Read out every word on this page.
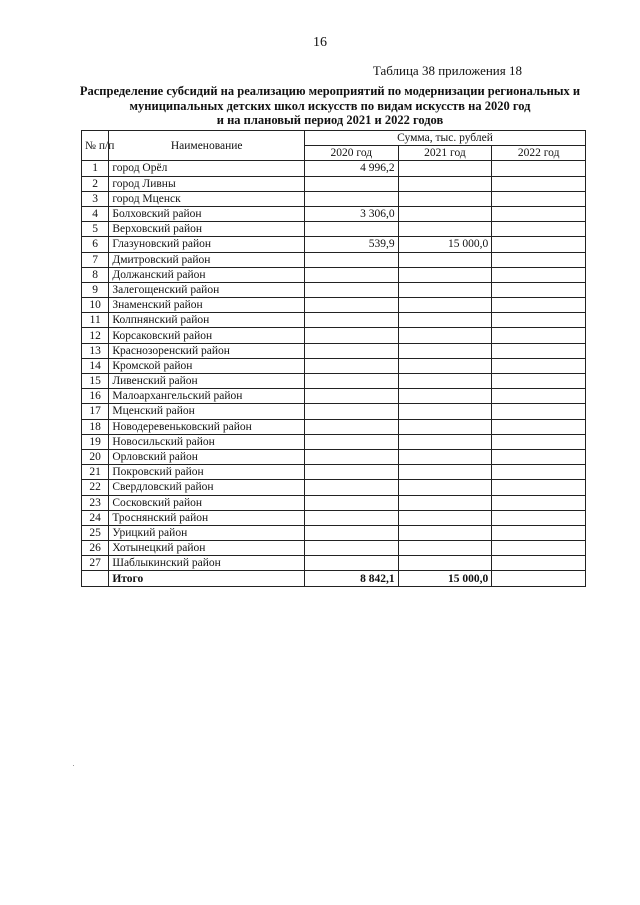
16
Таблица 38 приложения 18
Распределение субсидий на реализацию мероприятий по модернизации региональных и
муниципальных детских школ искусств по видам искусств на 2020 год
и на плановый период 2021 и 2022 годов
№ п/п	Наименование	Сумма, тыс. рублей		
		2020 год	2021 год	2022 год
1	город Орёл	4 996,2		
2	город Ливны			
3	город Мценск			
4	Болховский район	3 306,0		
5	Верховский район			
6	Глазуновский район	539,9	15 000,0	
7	Дмитровский район			
8	Должанский район			
9	Залегощенский район			
10	Знаменский район			
11	Колпнянский район			
12	Корсаковский район			
13	Краснозоренский район			
14	Кромской район			
15	Ливенский район			
16	Малоархангельский район			
17	Мценский район			
18	Новодеревеньковский район			
19	Новосильский район			
20	Орловский район			
21	Покровский район			
22	Свердловский район			
23	Сосковский район			
24	Троснянский район			
25	Урицкий район			
26	Хотынецкий район			
27	Шаблыкинский район			
	Итого	8 842,1	15 000,0	
